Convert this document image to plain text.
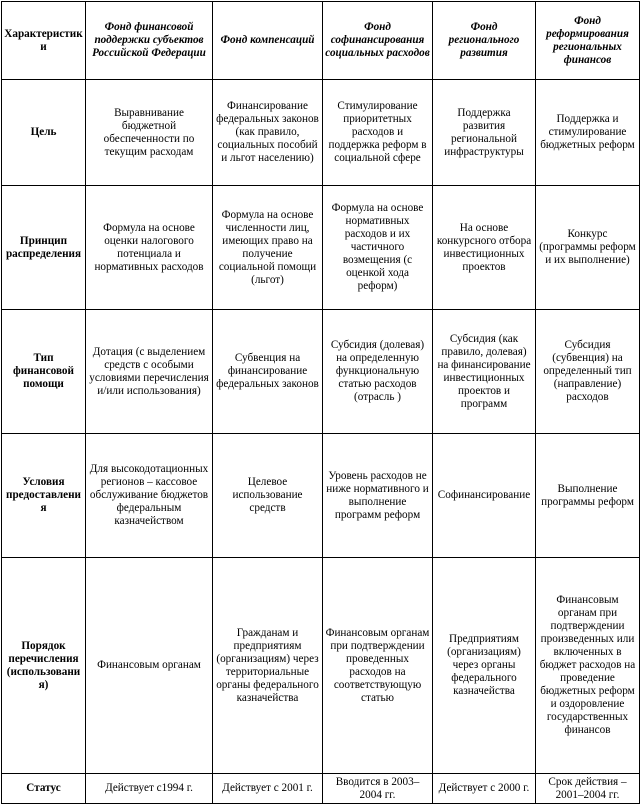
Характеристики	Фонд финансовой поддержки субъектов Российской Федерации	Фонд компенсаций	Фонд софинансирования социальных расходов	Фонд регионального развития	Фонд реформирования региональных финансов
Цель	Выравнивание бюджетной обеспеченности по текущим расходам	Финансирование федеральных законов (как правило, социальных пособий и льгот населению)	Стимулирование приоритетных расходов и поддержка реформ в социальной сфере	Поддержка развития региональной инфраструктуры	Поддержка и стимулирование бюджетных реформ
Принцип распределения	Формула на основе оценки налогового потенциала и нормативных расходов	Формула на основе численности лиц, имеющих право на получение социальной помощи (льгот)	Формула на основе нормативных расходов и их частичного возмещения (с оценкой хода реформ)	На основе конкурсного отбора инвестиционных проектов	Конкурс (программы реформ и их выполнение)
Тип финансовой помощи	Дотация (с выделением средств с особыми условиями перечисления и/или использования)	Субвенция на финансирование федеральных законов	Субсидия (долевая) на определенную функциональную статью расходов (отрасль )	Субсидия (как правило, долевая) на финансирование инвестиционных проектов и программ	Субсидия (субвенция) на определенный тип (направление) расходов
Условия предоставления	Для высокодотационных регионов – кассовое обслуживание бюджетов федеральным казначейством	Целевое использование средств	Уровень расходов не ниже нормативного и выполнение программ реформ	Софинансирование	Выполнение программы реформ
Порядок перечисления (использования)	Финансовым органам	Гражданам и предприятиям (организациям) через территориальные органы федерального казначейства	Финансовым органам при подтверждении проведенных расходов на соответствующую статью	Предприятиям (организациям) через органы федерального казначейства	Финансовым органам при подтверждении произведенных или включенных в бюджет расходов на проведение бюджетных реформ и оздоровление государственных финансов
Статус	Действует с1994 г.	Действует с 2001 г.	Вводится в 2003–2004 гг.	Действует с 2000 г.	Срок действия – 2001–2004 гг.
